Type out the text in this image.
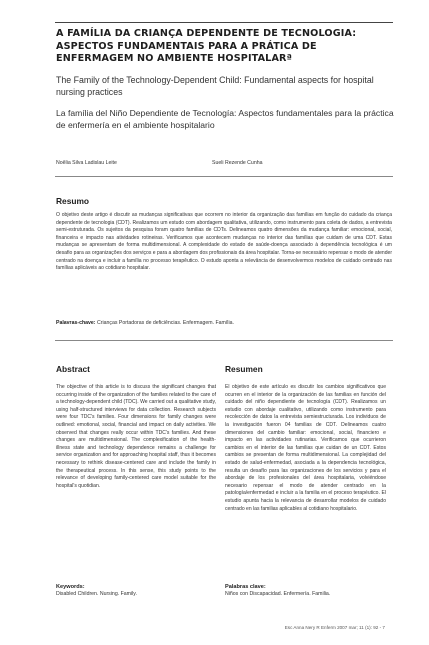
A FAMÍLIA DA CRIANÇA DEPENDENTE DE TECNOLOGIA: ASPECTOS FUNDAMENTAIS PARA A PRÁTICA DE ENFERMAGEM NO AMBIENTE HOSPITALARª
The Family of the Technology-Dependent Child: Fundamental aspects for hospital nursing practices
La família del Niño Dependiente de Tecnología: Aspectos fundamentales para la práctica de enfermería en el ambiente hospitalario
Noêlia Silva Ladislau Leite	Sueli Rezende Cunha
Resumo

O objetivo deste artigo é discutir as mudanças significativas que ocorrem no interior da organização das famílias em função do cuidado da criança dependente de tecnologia (CDT). Realizamos um estudo com abordagem qualitativa, utilizando, como instrumento para coleta de dados, a entrevista semi-estruturada. Os sujeitos da pesquisa foram quatro famílias de CDTs. Delineamos quatro dimensões da mudança familiar: emocional, social, financeira e impacto nas atividades rotineiras. Verificamos que acontecem mudanças no interior das famílias que cuidam de uma CDT. Estas mudanças se apresentam de forma multidimensional. A complexidade do estado de saúde-doença associado à dependência tecnológica é um desafio para as organizações dos serviços e para a abordagem dos profissionais da área hospitalar. Torna-se necessário repensar o modo de atender centrado na doença e incluir a família no processo terapêutico. O estudo aponta a relevância de desenvolvermos modelos de cuidado centrado nas famílias aplicáveis ao cotidiano hospitalar.

Palavras-chave: Crianças Portadoras de deficiências. Enfermagem. Família.
Abstract	Resumen

The objective of this article is to discuss the significant changes that occurring inside of the organization of the families related to the care of a technology-dependent child (TDC). We carried out a qualitative study, using half-structured interviews for data collection. Research subjects were four TDC's families. Four dimensions for family changes were outlined: emotional, social, financial and impact on daily activities. We observed that changes really occur within TDC's families. And these changes are multidimensional. The complexification of the health-illness state and technology dependence remains a challenge for service organization and for approaching hospital staff, thus it becomes necessary to rethink disease-centered care and include the family in the therapeutical process. In this sense, this study points to the relevance of developing family-centered care model suitable for the hospital's quotidian.

El objetivo de este artículo es discutir los cambios significativos que ocurren en el interior de la organización de las familias en función del cuidado del niño dependiente de tecnología (CDT). Realizamos un estudio con abordaje cualitativo, utilizando como instrumento para recolección de datos la entrevista semiestructurada. Los individuos de la investigación fueron 04 familias de CDT. Delineamos cuatro dimensiones del cambio familiar: emocional, social, financiero e impacto en las actividades rutinarias. Verificamos que ocurrieron cambios en el interior de las familias que cuidan de un CDT. Estos cambios se presentan de forma multidimensional. La complejidad del estado de salud-enfermedad, asociada a la dependencia tecnológica, resulta un desafío para las organizaciones de los servicios y para el abordaje de los profesionales del área hospitalaria, volviéndose necesario repensar el modo de atender centrado en la patología/enfermedad e incluir a la familia en el proceso terapéutico. El estudio apunta hacia la relevancia de desarrollar modelos de cuidado centrado en las familias aplicables al cotidiano hospitalario.

Keywords:
Disabled Children. Nursing. Family.
Palabras clave:
Niños con Discapacidad. Enfermería. Familia.
Esc Anna Nery R Enferm 2007 mar; 11 (1): 92 - 7
